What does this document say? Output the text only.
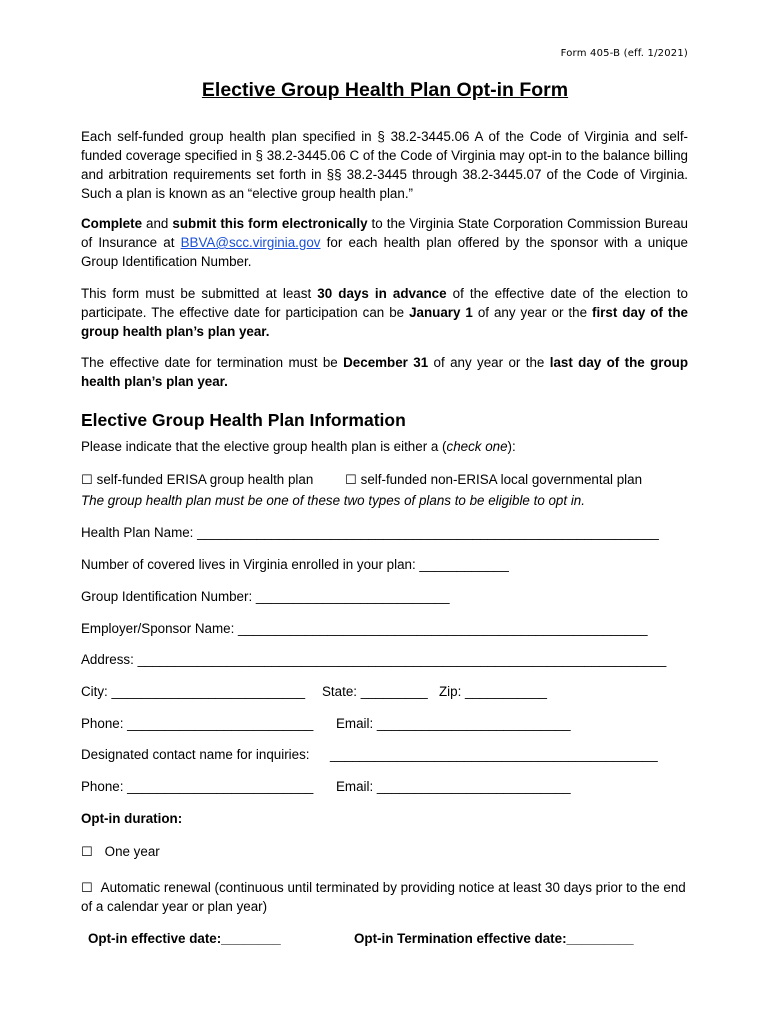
Form 405-B (eff. 1/2021)
Elective Group Health Plan Opt-in Form
Each self-funded group health plan specified in § 38.2-3445.06 A of the Code of Virginia and self-funded coverage specified in § 38.2-3445.06 C of the Code of Virginia may opt-in to the balance billing and arbitration requirements set forth in §§ 38.2-3445 through 38.2-3445.07 of the Code of Virginia. Such a plan is known as an “elective group health plan.”
Complete and submit this form electronically to the Virginia State Corporation Commission Bureau of Insurance at BBVA@scc.virginia.gov for each health plan offered by the sponsor with a unique Group Identification Number.
This form must be submitted at least 30 days in advance of the effective date of the election to participate. The effective date for participation can be January 1 of any year or the first day of the group health plan’s plan year.
The effective date for termination must be December 31 of any year or the last day of the group health plan’s plan year.
Elective Group Health Plan Information
Please indicate that the elective group health plan is either a (check one):
☐ self-funded ERISA group health plan ☐ self-funded non-ERISA local governmental plan
The group health plan must be one of these two types of plans to be eligible to opt in.
Health Plan Name: ______________________________________________________________
Number of covered lives in Virginia enrolled in your plan: ____________
Group Identification Number: __________________________
Employer/Sponsor Name: _______________________________________________________
Address: _______________________________________________________________________
City: __________________________ State: _________ Zip: ___________
Phone: _________________________ Email: __________________________
Designated contact name for inquiries: ____________________________________________
Phone: _________________________ Email: __________________________
Opt-in duration:
☐ One year
☐ Automatic renewal (continuous until terminated by providing notice at least 30 days prior to the end of a calendar year or plan year)
Opt-in effective date:________	Opt-in Termination effective date:_________
